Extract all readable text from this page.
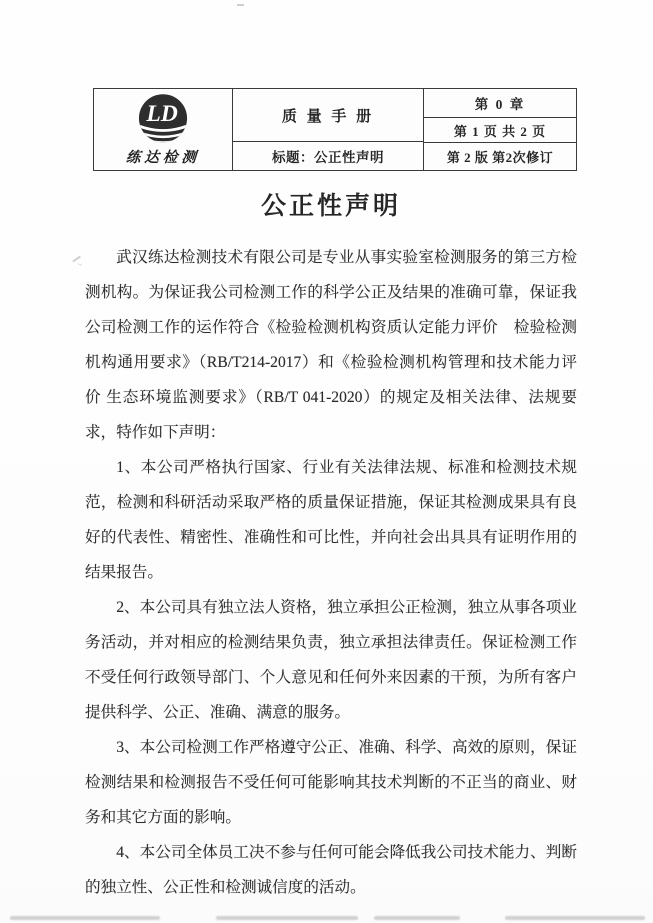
LD
练达检测
质 量 手 册
标题：公正性声明
第 0 章
第 1 页 共 2 页
第 2 版 第2次修订
公正性声明

武汉练达检测技术有限公司是专业从事实验室检测服务的第三方检测机构。为保证我公司检测工作的科学公正及结果的准确可靠，保证我公司检测工作的运作符合《检验检测机构资质认定能力评价　检验检测机构通用要求》（RB/T214-2017）和《检验检测机构管理和技术能力评价 生态环境监测要求》（RB/T 041-2020）的规定及相关法律、法规要求，特作如下声明：

1、本公司严格执行国家、行业有关法律法规、标准和检测技术规范，检测和科研活动采取严格的质量保证措施，保证其检测成果具有良好的代表性、精密性、准确性和可比性，并向社会出具具有证明作用的结果报告。

2、本公司具有独立法人资格，独立承担公正检测，独立从事各项业务活动，并对相应的检测结果负责，独立承担法律责任。保证检测工作不受任何行政领导部门、个人意见和任何外来因素的干预，为所有客户提供科学、公正、准确、满意的服务。

3、本公司检测工作严格遵守公正、准确、科学、高效的原则，保证检测结果和检测报告不受任何可能影响其技术判断的不正当的商业、财务和其它方面的影响。

4、本公司全体员工决不参与任何可能会降低我公司技术能力、判断的独立性、公正性和检测诚信度的活动。
